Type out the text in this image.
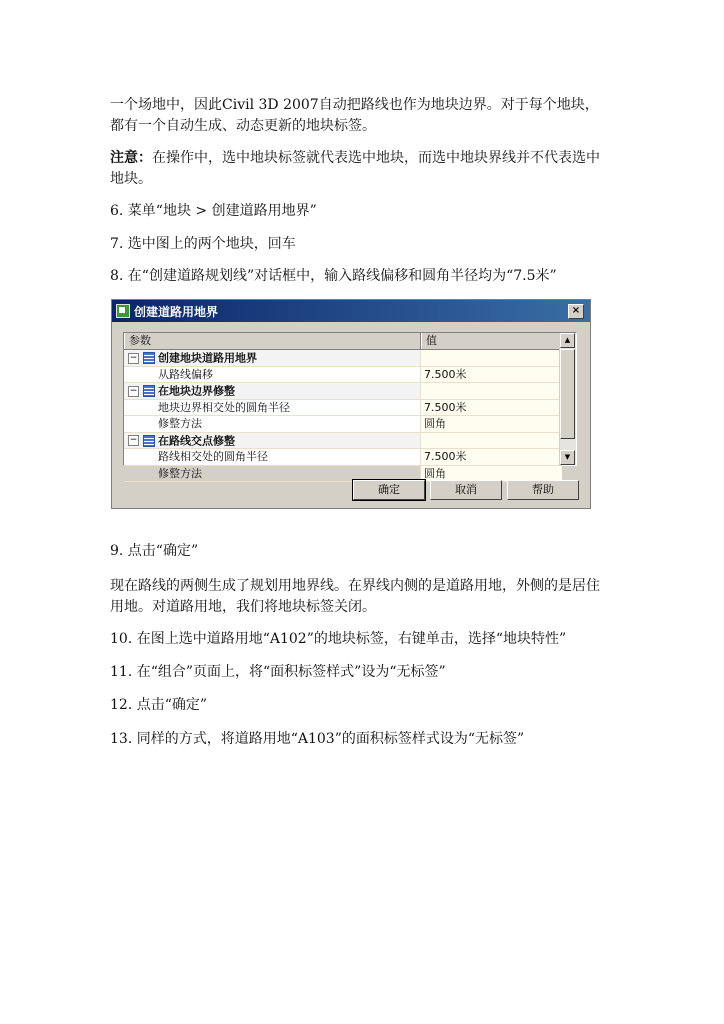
一个场地中，因此Civil 3D 2007自动把路线也作为地块边界。对于每个地块，都有一个自动生成、动态更新的地块标签。

注意：在操作中，选中地块标签就代表选中地块，而选中地块界线并不代表选中地块。

6. 菜单“地块 > 创建道路用地界”

7. 选中图上的两个地块，回车

8. 在“创建道路规划线”对话框中，输入路线偏移和圆角半径均为“7.5米”

创建道路用地界	×
参数	值
− 创建地块道路用地界
从路线偏移	7.500米
− 在地块边界修整
地块边界相交处的圆角半径	7.500米
修整方法	圆角
− 在路线交点修整
路线相交处的圆角半径	7.500米
修整方法	圆角
▲
▼
确定	取消	帮助

9. 点击“确定”

现在路线的两侧生成了规划用地界线。在界线内侧的是道路用地，外侧的是居住用地。对道路用地，我们将地块标签关闭。

10. 在图上选中道路用地“A102”的地块标签，右键单击，选择“地块特性”

11. 在“组合”页面上，将“面积标签样式”设为“无标签”

12. 点击“确定”

13. 同样的方式，将道路用地“A103”的面积标签样式设为“无标签”
